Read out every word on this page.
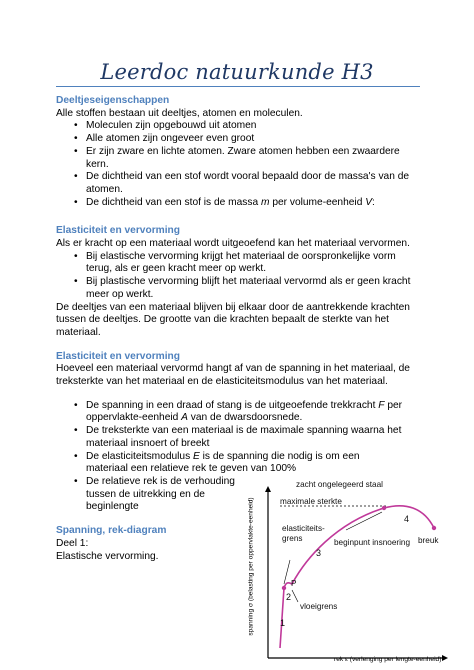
Leerdoc natuurkunde H3

Deeltjeseigenschappen

Alle stoffen bestaan uit deeltjes, atomen en moleculen.

• Moleculen zijn opgebouwd uit atomen
• Alle atomen zijn ongeveer even groot
• Er zijn zware en lichte atomen. Zware atomen hebben een zwaardere kern.
• De dichtheid van een stof wordt vooral bepaald door de massa's van de atomen.
• De dichtheid van een stof is de massa m per volume-eenheid V:

Elasticiteit en vervorming

Als er kracht op een materiaal wordt uitgeoefend kan het materiaal vervormen.

• Bij elastische vervorming krijgt het materiaal de oorspronkelijke vorm terug, als er geen kracht meer op werkt.
• Bij plastische vervorming blijft het materiaal vervormd als er geen kracht meer op werkt.

De deeltjes van een materiaal blijven bij elkaar door de aantrekkende krachten tussen de deeltjes. De grootte van die krachten bepaalt de sterkte van het materiaal.

Elasticiteit en vervorming

Hoeveel een materiaal vervormd hangt af van de spanning in het materiaal, de treksterkte van het materiaal en de elasticiteitsmodulus van het materiaal.

• De spanning in een draad of stang is de uitgeoefende trekkracht F per oppervlakte-eenheid A van de dwarsdoorsnede.
• De treksterkte van een materiaal is de maximale spanning waarna het materiaal insnoert of breekt
• De elasticiteitsmodulus E is de spanning die nodig is om een materiaal een relatieve rek te geven van 100%
• De relatieve rek is de verhouding tussen de uitrekking en de beginlengte

Spanning, rek-diagram

Deel 1:

Elastische vervorming.	spanning σ (belasting per oppervlakte-eenheid)
rek ε (verlenging per lengte-eenheid)
zacht ongelegeerd staal
maximale sterkte
elasticiteits-
grens
P
vloeigrens
beginpunt insnoering breuk
1
2
3
4
